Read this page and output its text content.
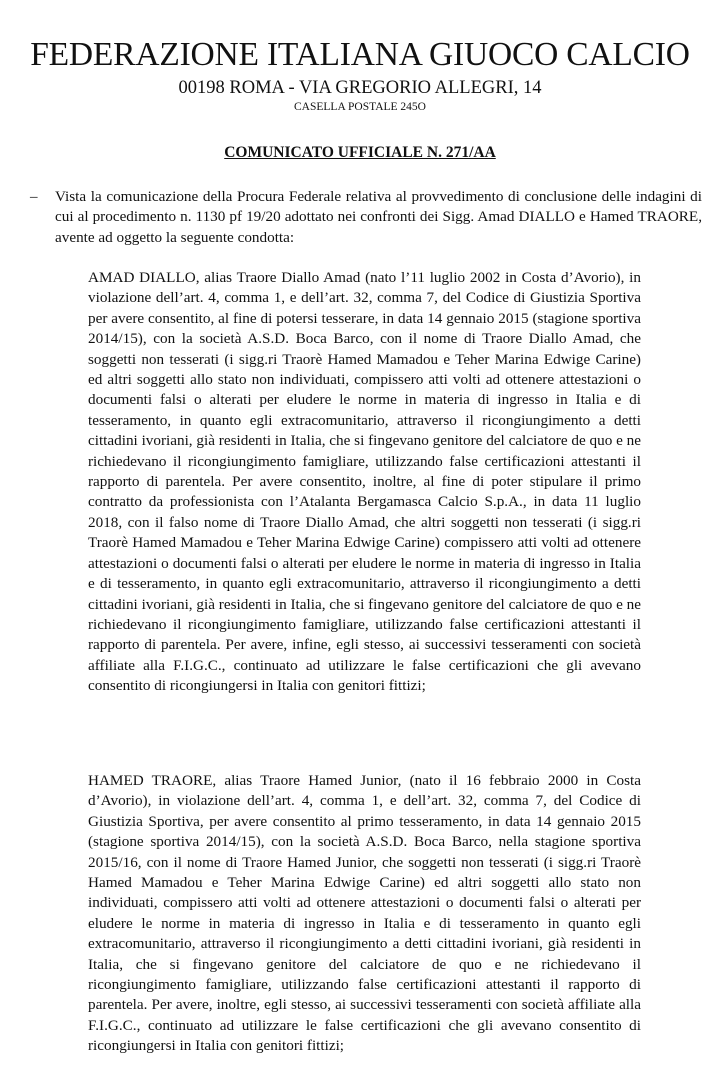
FEDERAZIONE ITALIANA GIUOCO CALCIO
00198 ROMA - VIA GREGORIO ALLEGRI, 14
CASELLA POSTALE 245O
COMUNICATO UFFICIALE N. 271/AA
– Vista la comunicazione della Procura Federale relativa al provvedimento di conclusione delle indagini di cui al procedimento n. 1130 pf 19/20 adottato nei confronti dei Sigg. Amad DIALLO e Hamed TRAORE, avente ad oggetto la seguente condotta:

AMAD DIALLO, alias Traore Diallo Amad (nato l’11 luglio 2002 in Costa d’Avorio), in violazione dell’art. 4, comma 1, e dell’art. 32, comma 7, del Codice di Giustizia Sportiva per avere consentito, al fine di potersi tesserare, in data 14 gennaio 2015 (stagione sportiva 2014/15), con la società A.S.D. Boca Barco, con il nome di Traore Diallo Amad, che soggetti non tesserati (i sigg.ri Traorè Hamed Mamadou e Teher Marina Edwige Carine) ed altri soggetti allo stato non individuati, compissero atti volti ad ottenere attestazioni o documenti falsi o alterati per eludere le norme in materia di ingresso in Italia e di tesseramento, in quanto egli extracomunitario, attraverso il ricongiungimento a detti cittadini ivoriani, già residenti in Italia, che si fingevano genitore del calciatore de quo e ne richiedevano il ricongiungimento famigliare, utilizzando false certificazioni attestanti il rapporto di parentela. Per avere consentito, inoltre, al fine di poter stipulare il primo contratto da professionista con l’Atalanta Bergamasca Calcio S.p.A., in data 11 luglio 2018, con il falso nome di Traore Diallo Amad, che altri soggetti non tesserati (i sigg.ri Traorè Hamed Mamadou e Teher Marina Edwige Carine) compissero atti volti ad ottenere attestazioni o documenti falsi o alterati per eludere le norme in materia di ingresso in Italia e di tesseramento, in quanto egli extracomunitario, attraverso il ricongiungimento a detti cittadini ivoriani, già residenti in Italia, che si fingevano genitore del calciatore de quo e ne richiedevano il ricongiungimento famigliare, utilizzando false certificazioni attestanti il rapporto di parentela. Per avere, infine, egli stesso, ai successivi tesseramenti con società affiliate alla F.I.G.C., continuato ad utilizzare le false certificazioni che gli avevano consentito di ricongiungersi in Italia con genitori fittizi;

HAMED TRAORE, alias Traore Hamed Junior, (nato il 16 febbraio 2000 in Costa d’Avorio), in violazione dell’art. 4, comma 1, e dell’art. 32, comma 7, del Codice di Giustizia Sportiva, per avere consentito al primo tesseramento, in data 14 gennaio 2015 (stagione sportiva 2014/15), con la società A.S.D. Boca Barco, nella stagione sportiva 2015/16, con il nome di Traore Hamed Junior, che soggetti non tesserati (i sigg.ri Traorè Hamed Mamadou e Teher Marina Edwige Carine) ed altri soggetti allo stato non individuati, compissero atti volti ad ottenere attestazioni o documenti falsi o alterati per eludere le norme in materia di ingresso in Italia e di tesseramento in quanto egli extracomunitario, attraverso il ricongiungimento a detti cittadini ivoriani, già residenti in Italia, che si fingevano genitore del calciatore de quo e ne richiedevano il ricongiungimento famigliare, utilizzando false certificazioni attestanti il rapporto di parentela. Per avere, inoltre, egli stesso, ai successivi tesseramenti con società affiliate alla F.I.G.C., continuato ad utilizzare le false certificazioni che gli avevano consentito di ricongiungersi in Italia con genitori fittizi;
